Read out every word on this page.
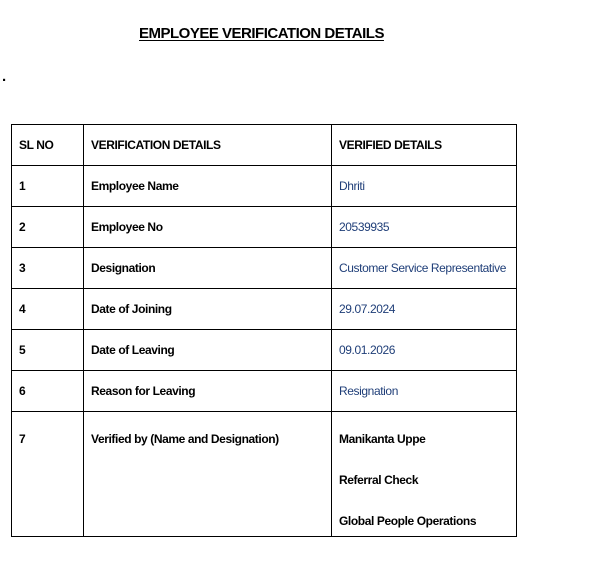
EMPLOYEE VERIFICATION DETAILS
.
SL NO	VERIFICATION DETAILS	VERIFIED DETAILS
1	Employee Name	Dhriti
2	Employee No	20539935
3	Designation	Customer Service Representative
4	Date of Joining	29.07.2024
5	Date of Leaving	09.01.2026
6	Reason for Leaving	Resignation
7	Verified by (Name and Designation)	Manikanta Uppe
Referral Check
Global People Operations
